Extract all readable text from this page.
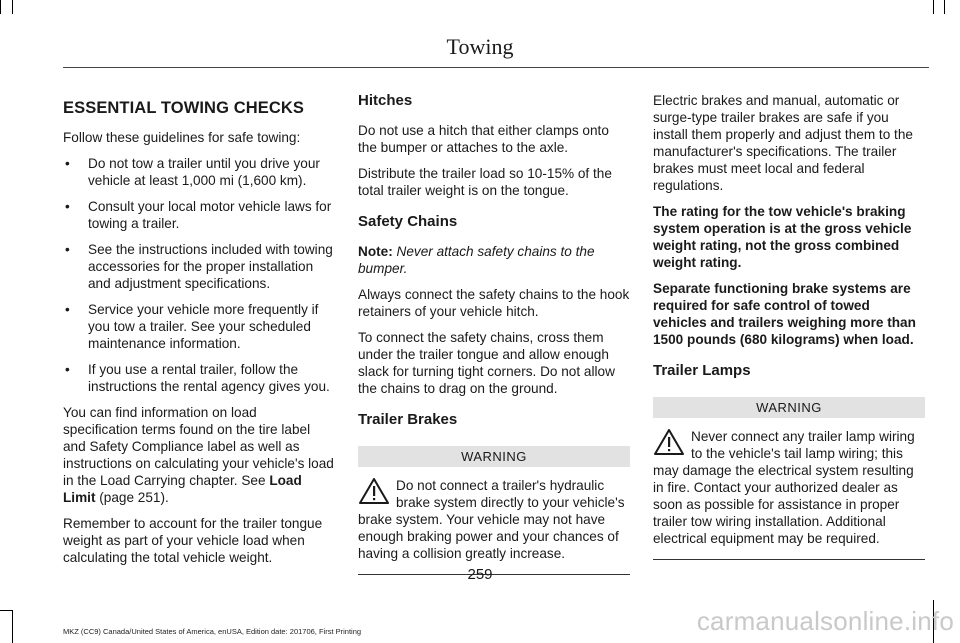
Towing
ESSENTIAL TOWING CHECKS

Follow these guidelines for safe towing:

• Do not tow a trailer until you drive your vehicle at least 1,000 mi (1,600 km).
• Consult your local motor vehicle laws for towing a trailer.
• See the instructions included with towing accessories for the proper installation and adjustment specifications.
• Service your vehicle more frequently if you tow a trailer. See your scheduled maintenance information.
• If you use a rental trailer, follow the instructions the rental agency gives you.

You can find information on load specification terms found on the tire label and Safety Compliance label as well as instructions on calculating your vehicle's load in the Load Carrying chapter. See Load Limit (page 251).

Remember to account for the trailer tongue weight as part of your vehicle load when calculating the total vehicle weight.

Hitches

Do not use a hitch that either clamps onto the bumper or attaches to the axle.

Distribute the trailer load so 10-15% of the total trailer weight is on the tongue.

Safety Chains

Note: Never attach safety chains to the bumper.

Always connect the safety chains to the hook retainers of your vehicle hitch.

To connect the safety chains, cross them under the trailer tongue and allow enough slack for turning tight corners. Do not allow the chains to drag on the ground.

Trailer Brakes
WARNING
Do not connect a trailer's hydraulic brake system directly to your vehicle's brake system. Your vehicle may not have enough braking power and your chances of having a collision greatly increase.

Electric brakes and manual, automatic or surge-type trailer brakes are safe if you install them properly and adjust them to the manufacturer's specifications. The trailer brakes must meet local and federal regulations.

The rating for the tow vehicle's braking system operation is at the gross vehicle weight rating, not the gross combined weight rating.

Separate functioning brake systems are required for safe control of towed vehicles and trailers weighing more than 1500 pounds (680 kilograms) when load.

Trailer Lamps
WARNING
Never connect any trailer lamp wiring to the vehicle's tail lamp wiring; this may damage the electrical system resulting in fire. Contact your authorized dealer as soon as possible for assistance in proper trailer tow wiring installation. Additional electrical equipment may be required.
259
MKZ (CC9) Canada/United States of America, enUSA, Edition date: 201706, First Printing	carmanualsonline.info
